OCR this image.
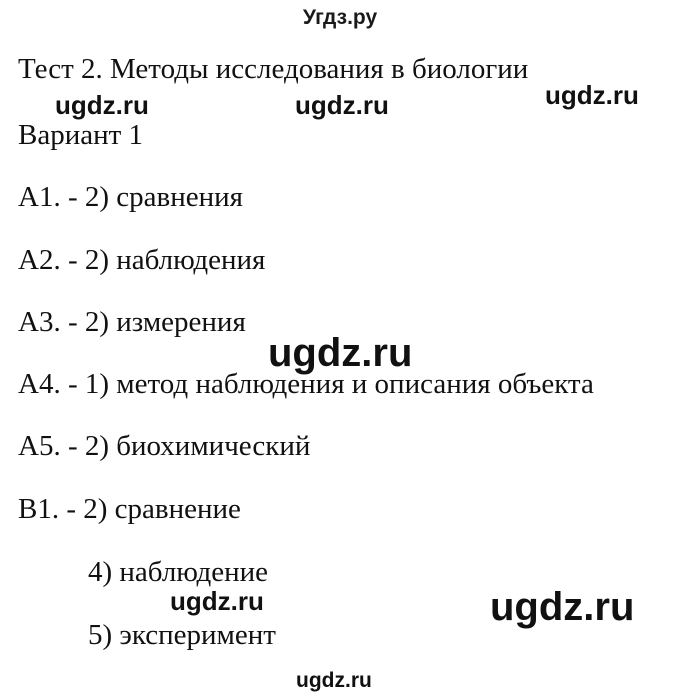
Угдз.ру
Тест 2. Методы исследования в биологии
Вариант 1
А1. - 2) сравнения
А2. - 2) наблюдения
А3. - 2) измерения
А4. - 1) метод наблюдения и описания объекта
А5. - 2) биохимический
В1. - 2) сравнение
4) наблюдение
5) эксперимент
ugdz.ru	ugdz.ru	ugdz.ru
ugdz.ru
ugdz.ru	ugdz.ru
ugdz.ru
